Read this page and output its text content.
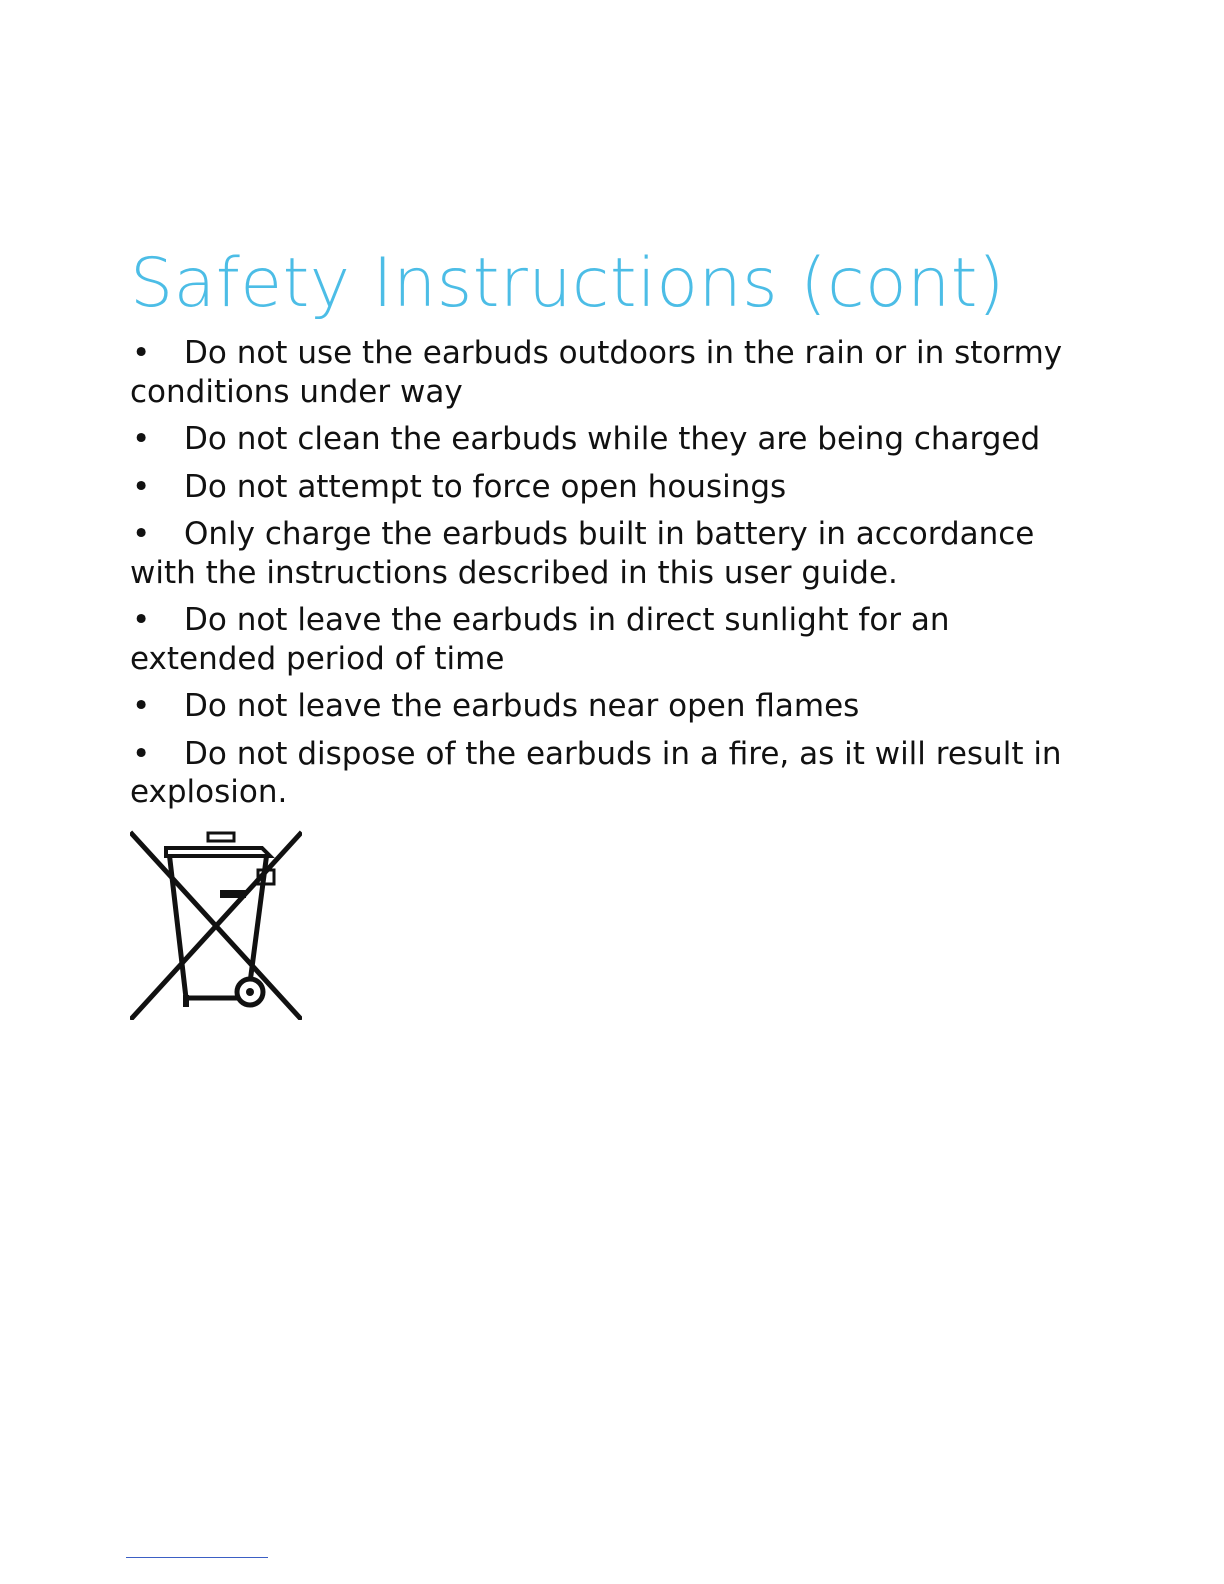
Safety Instructions (cont)
• Do not use the earbuds outdoors in the rain or in stormy conditions under way
• Do not clean the earbuds while they are being charged
• Do not attempt to force open housings
• Only charge the earbuds built in battery in accordance with the instructions described in this user guide.
• Do not leave the earbuds in direct sunlight for an extended period of time
• Do not leave the earbuds near open flames
• Do not dispose of the earbuds in a fire, as it will result in explosion.
